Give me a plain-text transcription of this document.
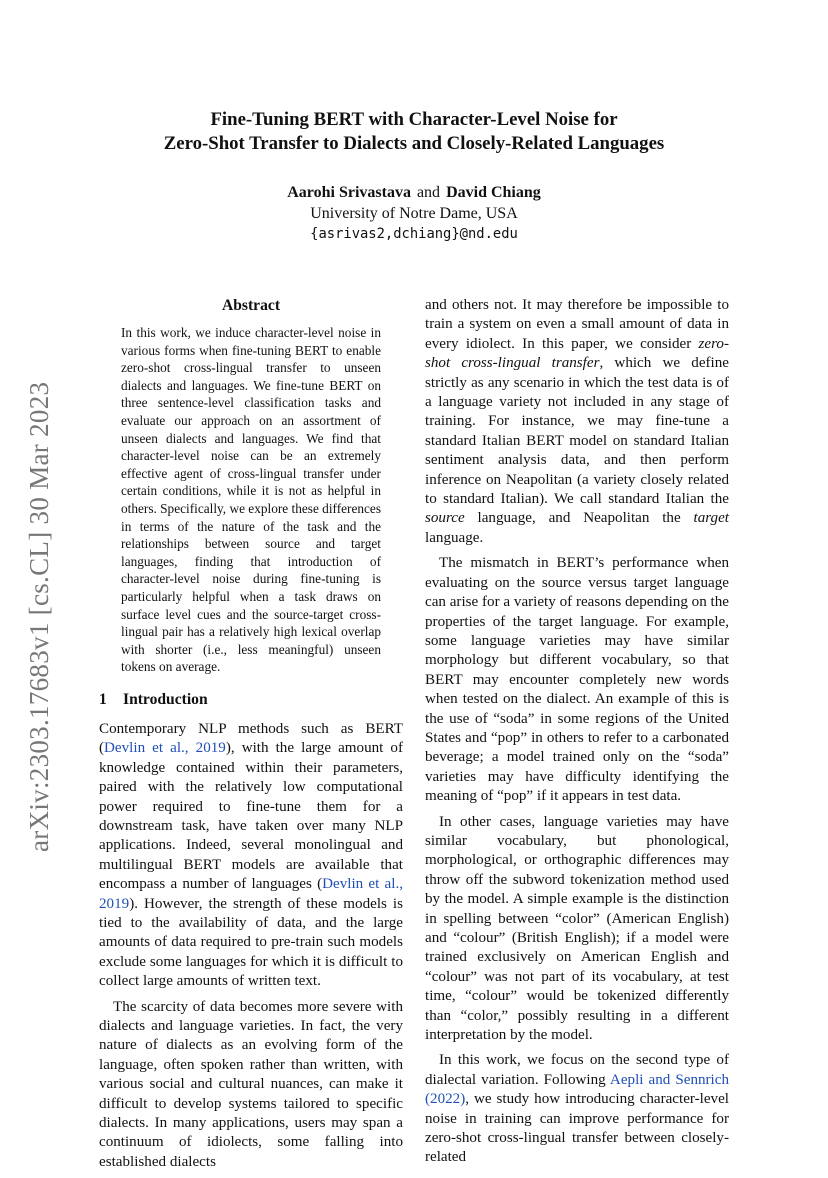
arXiv:2303.17683v1 [cs.CL] 30 Mar 2023
Fine-Tuning BERT with Character-Level Noise for
Zero-Shot Transfer to Dialects and Closely-Related Languages
Aarohi Srivastava and David Chiang
University of Notre Dame, USA
{asrivas2,dchiang}@nd.edu
Abstract

In this work, we induce character-level noise in various forms when fine-tuning BERT to enable zero-shot cross-lingual transfer to unseen dialects and languages. We fine-tune BERT on three sentence-level classification tasks and evaluate our approach on an assortment of unseen dialects and languages. We find that character-level noise can be an extremely effective agent of cross-lingual transfer under certain conditions, while it is not as helpful in others. Specifically, we explore these differences in terms of the nature of the task and the relationships between source and target languages, finding that introduction of character-level noise during fine-tuning is particularly helpful when a task draws on surface level cues and the source-target cross-lingual pair has a relatively high lexical overlap with shorter (i.e., less meaningful) unseen tokens on average.

1 Introduction

Contemporary NLP methods such as BERT (Devlin et al., 2019), with the large amount of knowledge contained within their parameters, paired with the relatively low computational power required to fine-tune them for a downstream task, have taken over many NLP applications. Indeed, several monolingual and multilingual BERT models are available that encompass a number of languages (Devlin et al., 2019). However, the strength of these models is tied to the availability of data, and the large amounts of data required to pre-train such models exclude some languages for which it is difficult to collect large amounts of written text.

The scarcity of data becomes more severe with dialects and language varieties. In fact, the very nature of dialects as an evolving form of the language, often spoken rather than written, with various social and cultural nuances, can make it difficult to develop systems tailored to specific dialects. In many applications, users may span a continuum of idiolects, some falling into established dialects

and others not. It may therefore be impossible to train a system on even a small amount of data in every idiolect. In this paper, we consider zero-shot cross-lingual transfer, which we define strictly as any scenario in which the test data is of a language variety not included in any stage of training. For instance, we may fine-tune a standard Italian BERT model on standard Italian sentiment analysis data, and then perform inference on Neapolitan (a variety closely related to standard Italian). We call standard Italian the source language, and Neapolitan the target language.

The mismatch in BERT’s performance when evaluating on the source versus target language can arise for a variety of reasons depending on the properties of the target language. For example, some language varieties may have similar morphology but different vocabulary, so that BERT may encounter completely new words when tested on the dialect. An example of this is the use of “soda” in some regions of the United States and “pop” in others to refer to a carbonated beverage; a model trained only on the “soda” varieties may have difficulty identifying the meaning of “pop” if it appears in test data.

In other cases, language varieties may have similar vocabulary, but phonological, morphological, or orthographic differences may throw off the subword tokenization method used by the model. A simple example is the distinction in spelling between “color” (American English) and “colour” (British English); if a model were trained exclusively on American English and “colour” was not part of its vocabulary, at test time, “colour” would be tokenized differently than “color,” possibly resulting in a different interpretation by the model.

In this work, we focus on the second type of dialectal variation. Following Aepli and Sennrich (2022), we study how introducing character-level noise in training can improve performance for zero-shot cross-lingual transfer between closely-related
